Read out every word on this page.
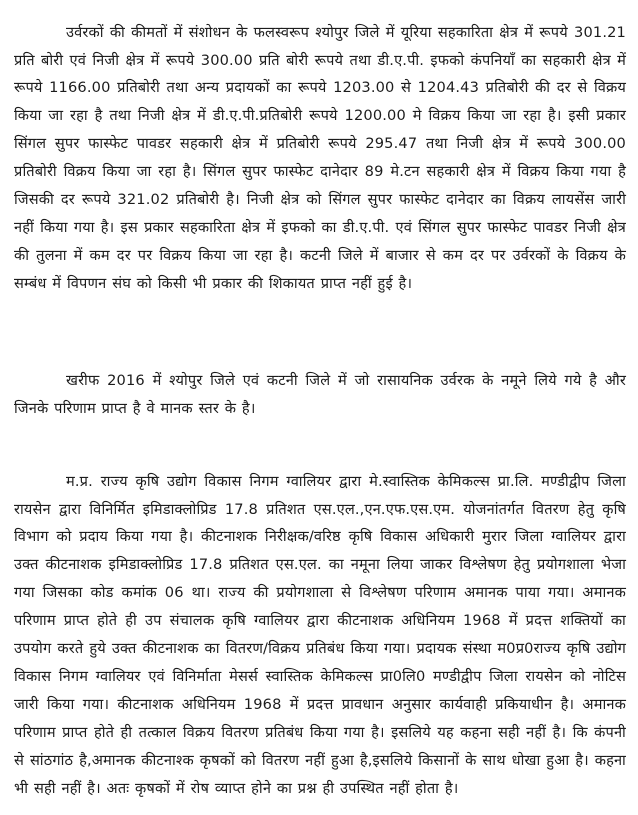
उर्वरकों की कीमतों में संशोधन के फलस्वरूप श्योपुर जिले में यूरिया सहकारिता क्षेत्र में रूपये 301.21 प्रति बोरी एवं निजी क्षेत्र में रूपये 300.00 प्रति बोरी रूपये तथा डी.ए.पी. इफको कंपनियाँ का सहकारी क्षेत्र में रूपये 1166.00 प्रतिबोरी तथा अन्य प्रदायकों का रूपये 1203.00 से 1204.43 प्रतिबोरी की दर से विक्रय किया जा रहा है तथा निजी क्षेत्र में डी.ए.पी.प्रतिबोरी रूपये 1200.00 मे विक्रय किया जा रहा है। इसी प्रकार सिंगल सुपर फास्फेट पावडर सहकारी क्षेत्र में प्रतिबोरी रूपये 295.47 तथा निजी क्षेत्र में रूपये 300.00 प्रतिबोरी विक्रय किया जा रहा है। सिंगल सुपर फास्फेट दानेदार 89 मे.टन सहकारी क्षेत्र में विक्रय किया गया है जिसकी दर रूपये 321.02 प्रतिबोरी है। निजी क्षेत्र को सिंगल सुपर फास्फेट दानेदार का विक्रय लायसेंस जारी नहीं किया गया है। इस प्रकार सहकारिता क्षेत्र में इफको का डी.ए.पी. एवं सिंगल सुपर फास्फेट पावडर निजी क्षेत्र की तुलना में कम दर पर विक्रय किया जा रहा है। कटनी जिले में बाजार से कम दर पर उर्वरकों के विक्रय के सम्बंध में विपणन संघ को किसी भी प्रकार की शिकायत प्राप्त नहीं हुई है।

खरीफ 2016 में श्योपुर जिले एवं कटनी जिले में जो रासायनिक उर्वरक के नमूने लिये गये है और जिनके परिणाम प्राप्त है वे मानक स्तर के है।

म.प्र. राज्य कृषि उद्योग विकास निगम ग्वालियर द्वारा मे.स्वास्तिक केमिकल्स प्रा.लि. मण्डीद्वीप जिला रायसेन द्वारा विनिर्मित इमिडाक्लोप्रिड 17.8 प्रतिशत एस.एल.,एन.एफ.एस.एम. योजनांतर्गत वितरण हेतु कृषि विभाग को प्रदाय किया गया है। कीटनाशक निरीक्षक/वरिष्ठ कृषि विकास अधिकारी मुरार जिला ग्वालियर द्वारा उक्त कीटनाशक इमिडाक्लोप्रिड 17.8 प्रतिशत एस.एल. का नमूना लिया जाकर विश्लेषण हेतु प्रयोगशाला भेजा गया जिसका कोड कमांक 06 था। राज्य की प्रयोगशाला से विश्लेषण परिणाम अमानक पाया गया। अमानक परिणाम प्राप्त होते ही उप संचालक कृषि ग्वालियर द्वारा कीटनाशक अधिनियम 1968 में प्रदत्त शक्तियों का उपयोग करते हुये उक्त कीटनाशक का वितरण/विक्रय प्रतिबंध किया गया। प्रदायक संस्था म0प्र0राज्य कृषि उद्योग विकास निगम ग्वालियर एवं विनिर्माता मेसर्स स्वास्तिक केमिकल्स प्रा0लि0 मण्डीद्वीप जिला रायसेन को नोटिस जारी किया गया। कीटनाशक अधिनियम 1968 में प्रदत्त प्रावधान अनुसार कार्यवाही प्रकियाधीन है। अमानक परिणाम प्राप्त होते ही तत्काल विक्रय वितरण प्रतिबंध किया गया है। इसलिये यह कहना सही नहीं है। कि कंपनी से सांठगांठ है,अमानक कीटनाश्क कृषकों को वितरण नहीं हुआ है,इसलिये किसानों के साथ धोखा हुआ है। कहना भी सही नहीं है। अतः कृषकों में रोष व्याप्त होने का प्रश्न ही उपस्थित नहीं होता है।
